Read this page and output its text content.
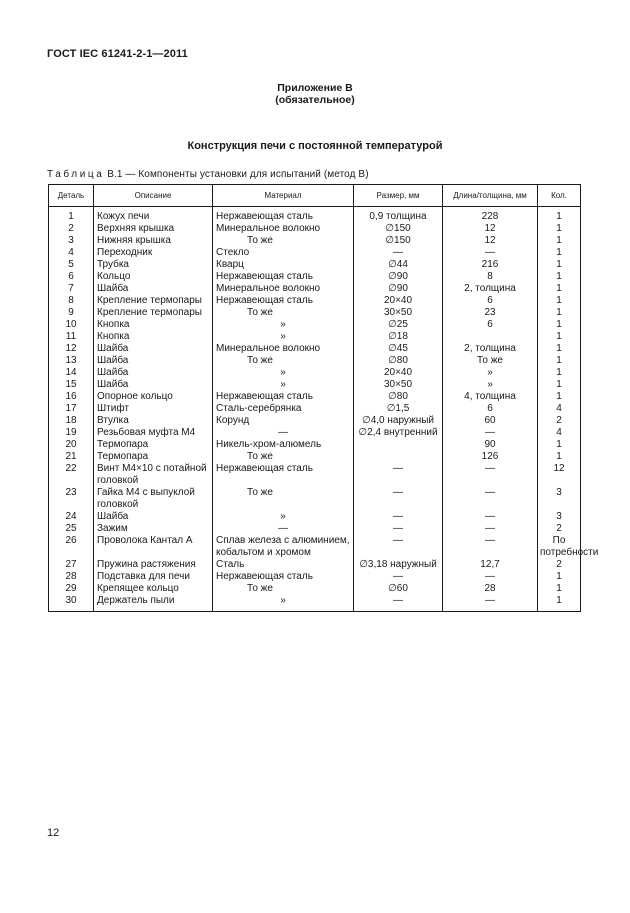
ГОСТ IEC 61241-2-1—2011
Приложение В
(обязательное)
Конструкция печи с постоянной температурой
Таблица В.1 — Компоненты установки для испытаний (метод В)
Деталь	Описание	Материал	Размер, мм	Длина/толщина, мм	Кол.

1	Кожух печи	Нержавеющая сталь	0,9 толщина	228	1
2	Верхняя крышка	Минеральное волокно	∅150	12	1
3	Нижняя крышка	То же	∅150	12	1
4	Переходник	Стекло	—	—	1
5	Трубка	Кварц	∅44	216	1
6	Кольцо	Нержавеющая сталь	∅90	8	1
7	Шайба	Минеральное волокно	∅90	2, толщина	1
8	Крепление термопары	Нержавеющая сталь	20×40	6	1
9	Крепление термопары	То же	30×50	23	1
10	Кнопка	»	∅25	6	1
11	Кнопка	»	∅18		1
12	Шайба	Минеральное волокно	∅45	2, толщина	1
13	Шайба	То же	∅80	То же	1
14	Шайба	»	20×40	»	1
15	Шайба	»	30×50	»	1
16	Опорное кольцо	Нержавеющая сталь	∅80	4, толщина	1
17	Штифт	Сталь-серебрянка	∅1,5	6	4
18	Втулка	Корунд	∅4,0 наружный	60	2
19	Резьбовая муфта М4	—	∅2,4 внутренний	—	4
20	Термопара	Никель-хром-алюмель		90	1
21	Термопара	То же		126	1
22	Винт М4×10 с потайной головкой	Нержавеющая сталь	—	—	12
23	Гайка М4 с выпуклой головкой	То же	—	—	3
24	Шайба	»	—	—	3
25	Зажим	—	—	—	2
26	Проволока Кантал А	Сплав железа с алюминием, кобальтом и хромом	—	—	По потребности
27	Пружина растяжения	Сталь	∅3,18 наружный	12,7	2
28	Подставка для печи	Нержавеющая сталь	—	—	1
29	Крепящее кольцо	То же	∅60	28	1
30	Держатель пыли	»	—	—	1
12
